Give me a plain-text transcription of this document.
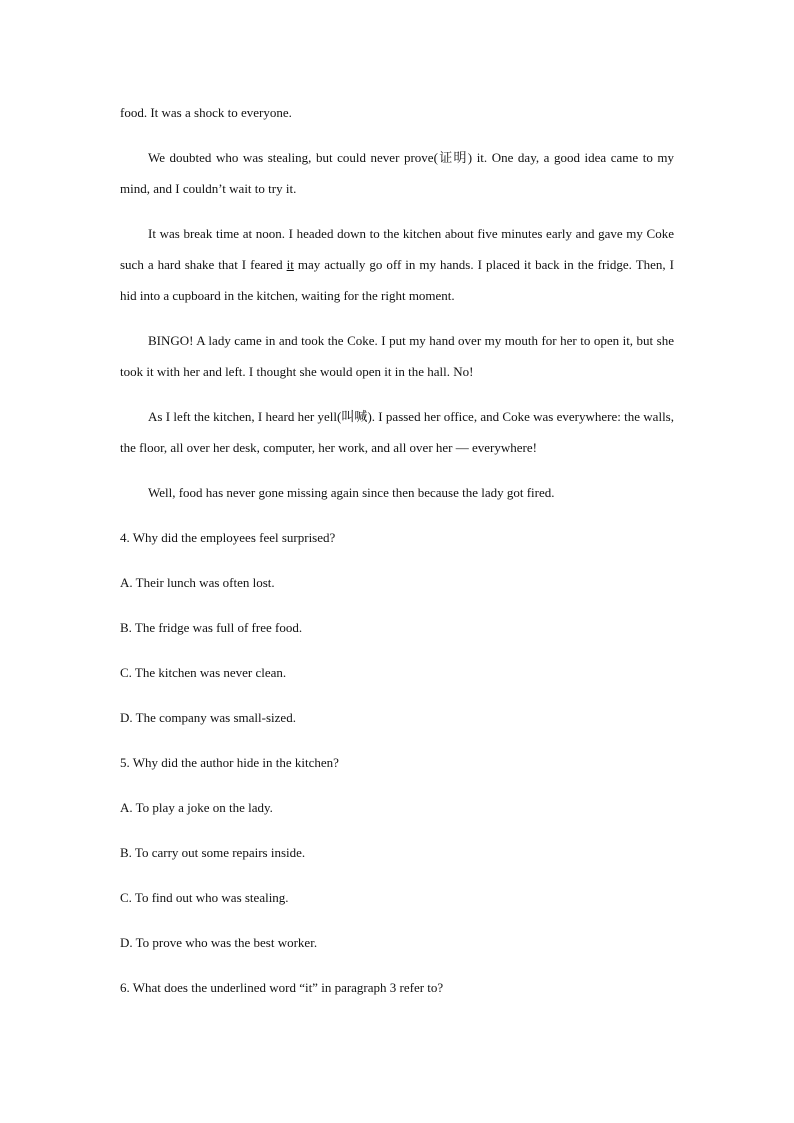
food. It was a shock to everyone.

We doubted who was stealing, but could never prove(证明) it. One day, a good idea came to my mind, and I couldn’t wait to try it.

It was break time at noon. I headed down to the kitchen about five minutes early and gave my Coke such a hard shake that I feared it may actually go off in my hands. I placed it back in the fridge. Then, I hid into a cupboard in the kitchen, waiting for the right moment.

BINGO! A lady came in and took the Coke. I put my hand over my mouth for her to open it, but she took it with her and left. I thought she would open it in the hall. No!

As I left the kitchen, I heard her yell(叫喊). I passed her office, and Coke was everywhere: the walls, the floor, all over her desk, computer, her work, and all over her — everywhere!

Well, food has never gone missing again since then because the lady got fired.

4. Why did the employees feel surprised?

A. Their lunch was often lost.

B. The fridge was full of free food.

C. The kitchen was never clean.

D. The company was small-sized.

5. Why did the author hide in the kitchen?

A. To play a joke on the lady.

B. To carry out some repairs inside.

C. To find out who was stealing.

D. To prove who was the best worker.

6. What does the underlined word “it” in paragraph 3 refer to?
